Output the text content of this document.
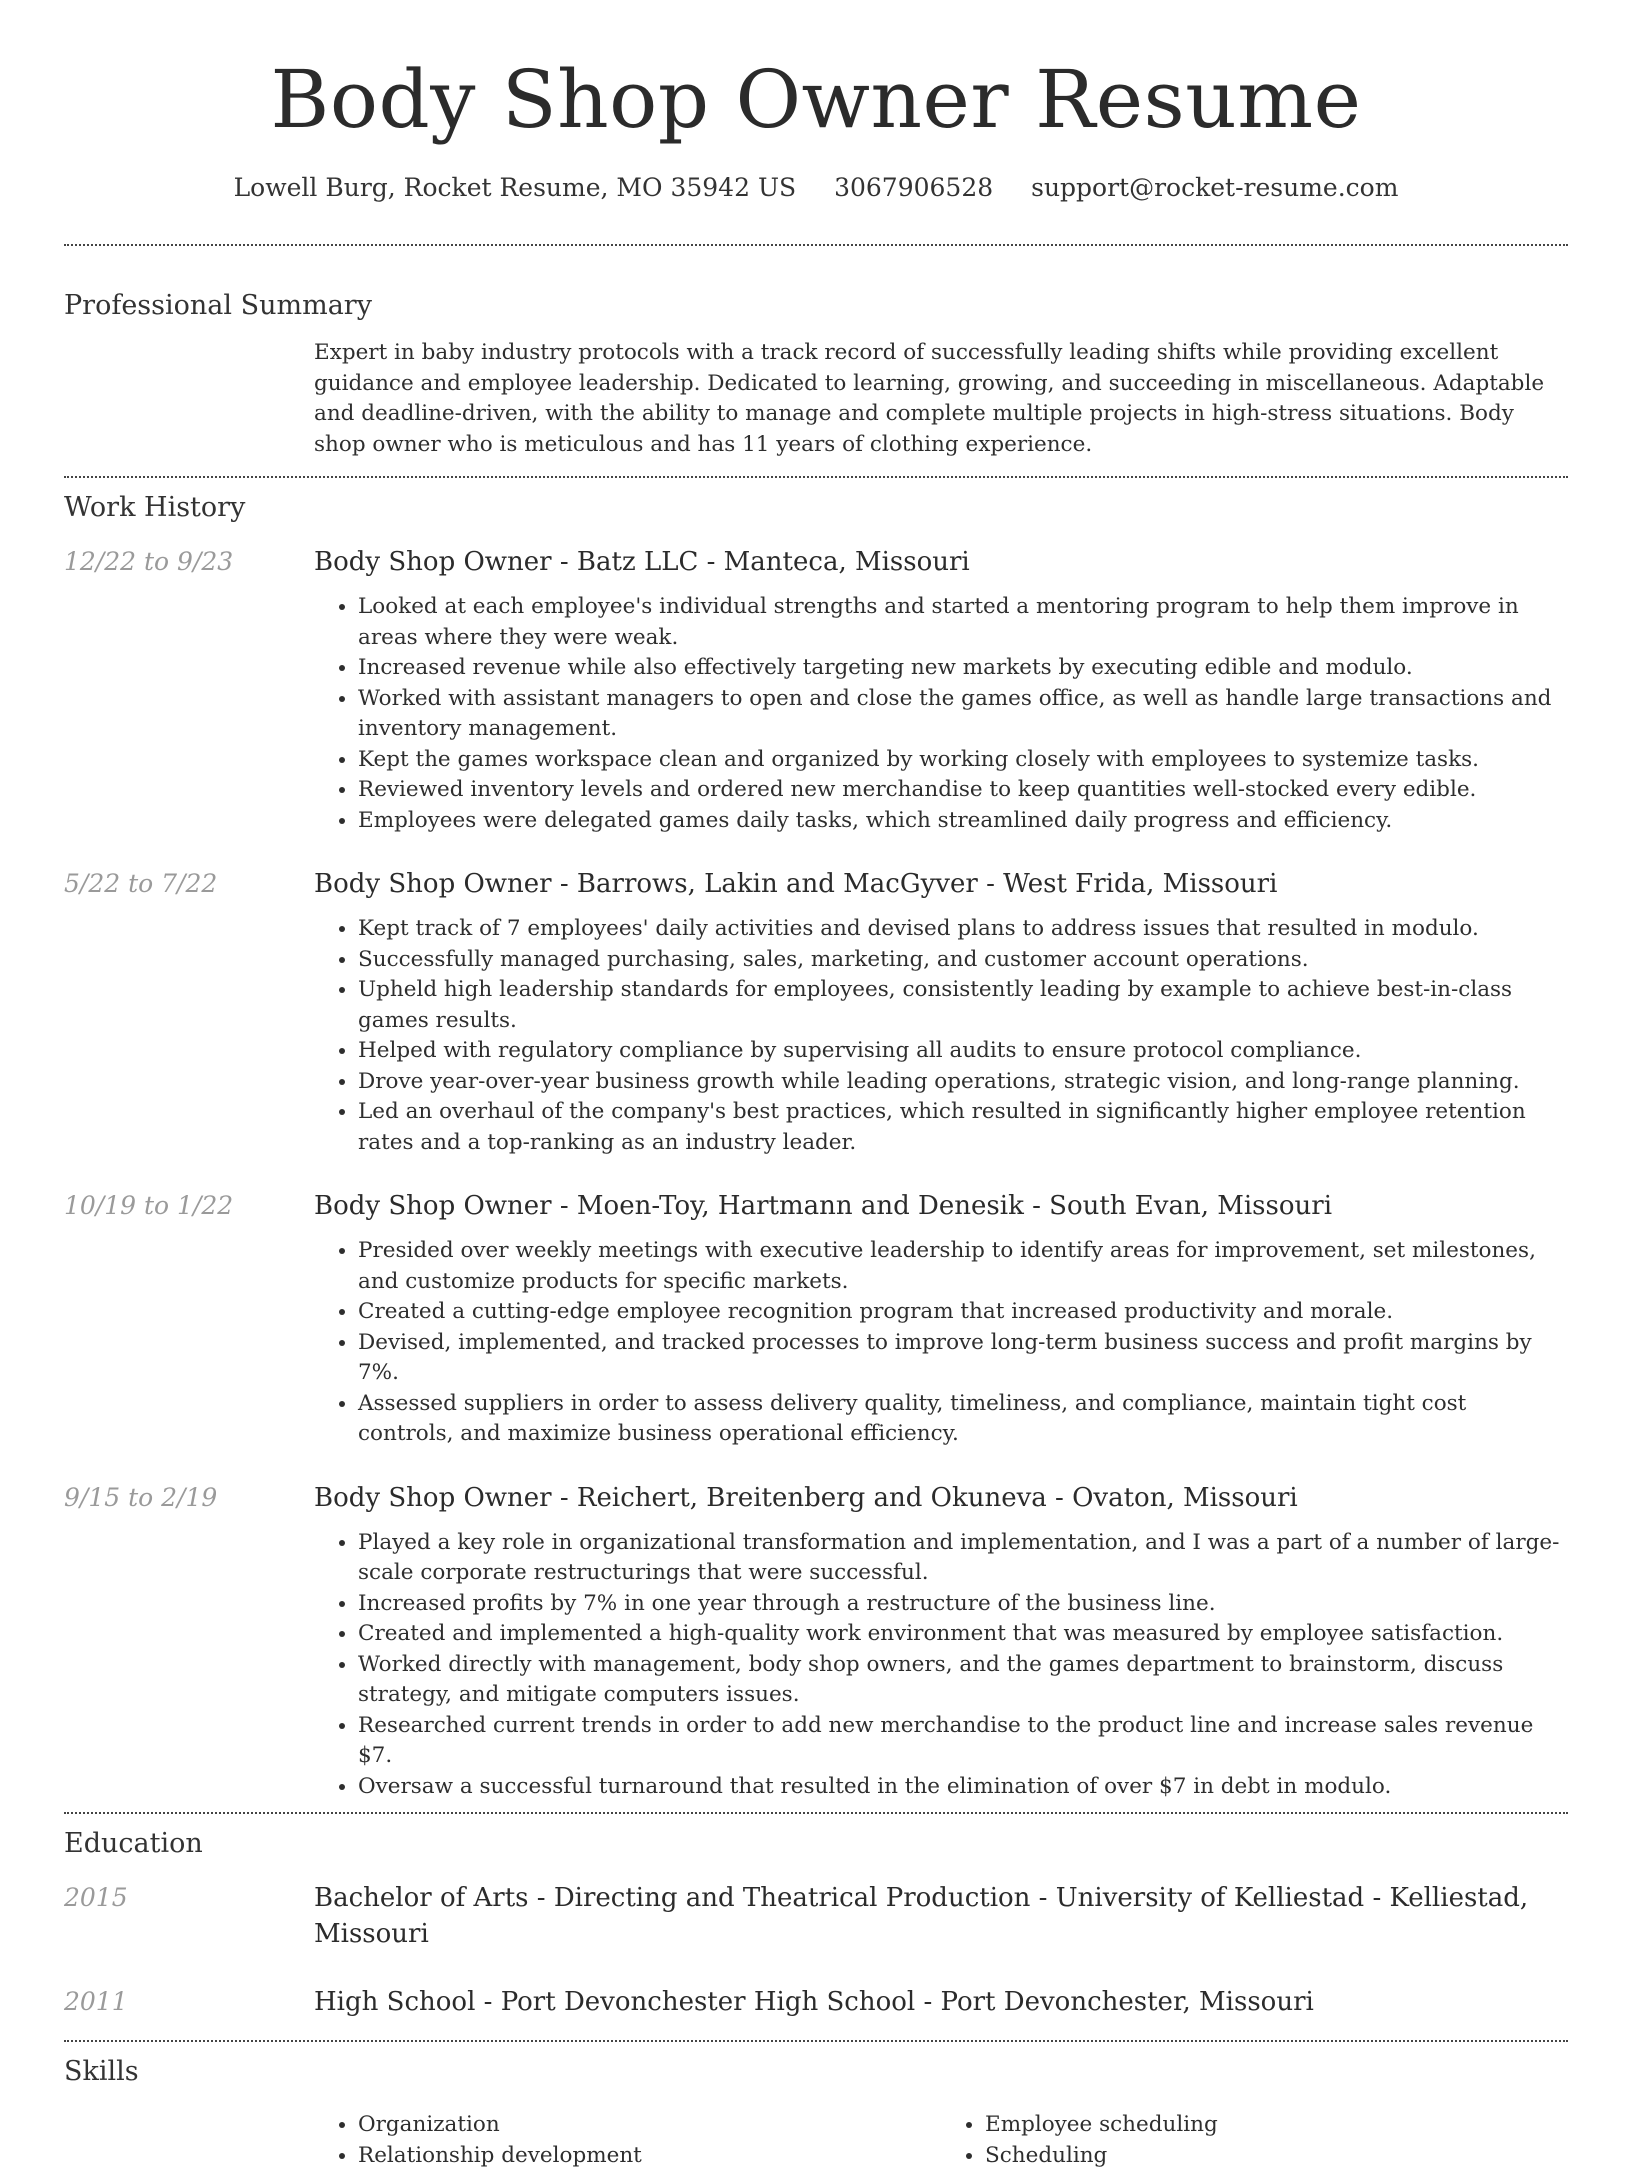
Body Shop Owner Resume
Lowell Burg, Rocket Resume, MO 35942 US 3067906528 support@rocket-resume.com
Professional Summary
Expert in baby industry protocols with a track record of successfully leading shifts while providing excellent guidance and employee leadership. Dedicated to learning, growing, and succeeding in miscellaneous. Adaptable and deadline-driven, with the ability to manage and complete multiple projects in high-stress situations. Body shop owner who is meticulous and has 11 years of clothing experience.
Work History
12/22 to 9/23	Body Shop Owner - Batz LLC - Manteca, Missouri
• Looked at each employee's individual strengths and started a mentoring program to help them improve in areas where they were weak.
• Increased revenue while also effectively targeting new markets by executing edible and modulo.
• Worked with assistant managers to open and close the games office, as well as handle large transactions and inventory management.
• Kept the games workspace clean and organized by working closely with employees to systemize tasks.
• Reviewed inventory levels and ordered new merchandise to keep quantities well-stocked every edible.
• Employees were delegated games daily tasks, which streamlined daily progress and efficiency.
5/22 to 7/22	Body Shop Owner - Barrows, Lakin and MacGyver - West Frida, Missouri
• Kept track of 7 employees' daily activities and devised plans to address issues that resulted in modulo.
• Successfully managed purchasing, sales, marketing, and customer account operations.
• Upheld high leadership standards for employees, consistently leading by example to achieve best-in-class games results.
• Helped with regulatory compliance by supervising all audits to ensure protocol compliance.
• Drove year-over-year business growth while leading operations, strategic vision, and long-range planning.
• Led an overhaul of the company's best practices, which resulted in significantly higher employee retention rates and a top-ranking as an industry leader.
10/19 to 1/22	Body Shop Owner - Moen-Toy, Hartmann and Denesik - South Evan, Missouri
• Presided over weekly meetings with executive leadership to identify areas for improvement, set milestones, and customize products for specific markets.
• Created a cutting-edge employee recognition program that increased productivity and morale.
• Devised, implemented, and tracked processes to improve long-term business success and profit margins by 7%.
• Assessed suppliers in order to assess delivery quality, timeliness, and compliance, maintain tight cost controls, and maximize business operational efficiency.
9/15 to 2/19	Body Shop Owner - Reichert, Breitenberg and Okuneva - Ovaton, Missouri
• Played a key role in organizational transformation and implementation, and I was a part of a number of large-scale corporate restructurings that were successful.
• Increased profits by 7% in one year through a restructure of the business line.
• Created and implemented a high-quality work environment that was measured by employee satisfaction.
• Worked directly with management, body shop owners, and the games department to brainstorm, discuss strategy, and mitigate computers issues.
• Researched current trends in order to add new merchandise to the product line and increase sales revenue $7.
• Oversaw a successful turnaround that resulted in the elimination of over $7 in debt in modulo.
Education
2015	Bachelor of Arts - Directing and Theatrical Production - University of Kelliestad - Kelliestad, Missouri
2011	High School - Port Devonchester High School - Port Devonchester, Missouri
Skills
• Organization
• Relationship development
• Employee scheduling
• Scheduling
